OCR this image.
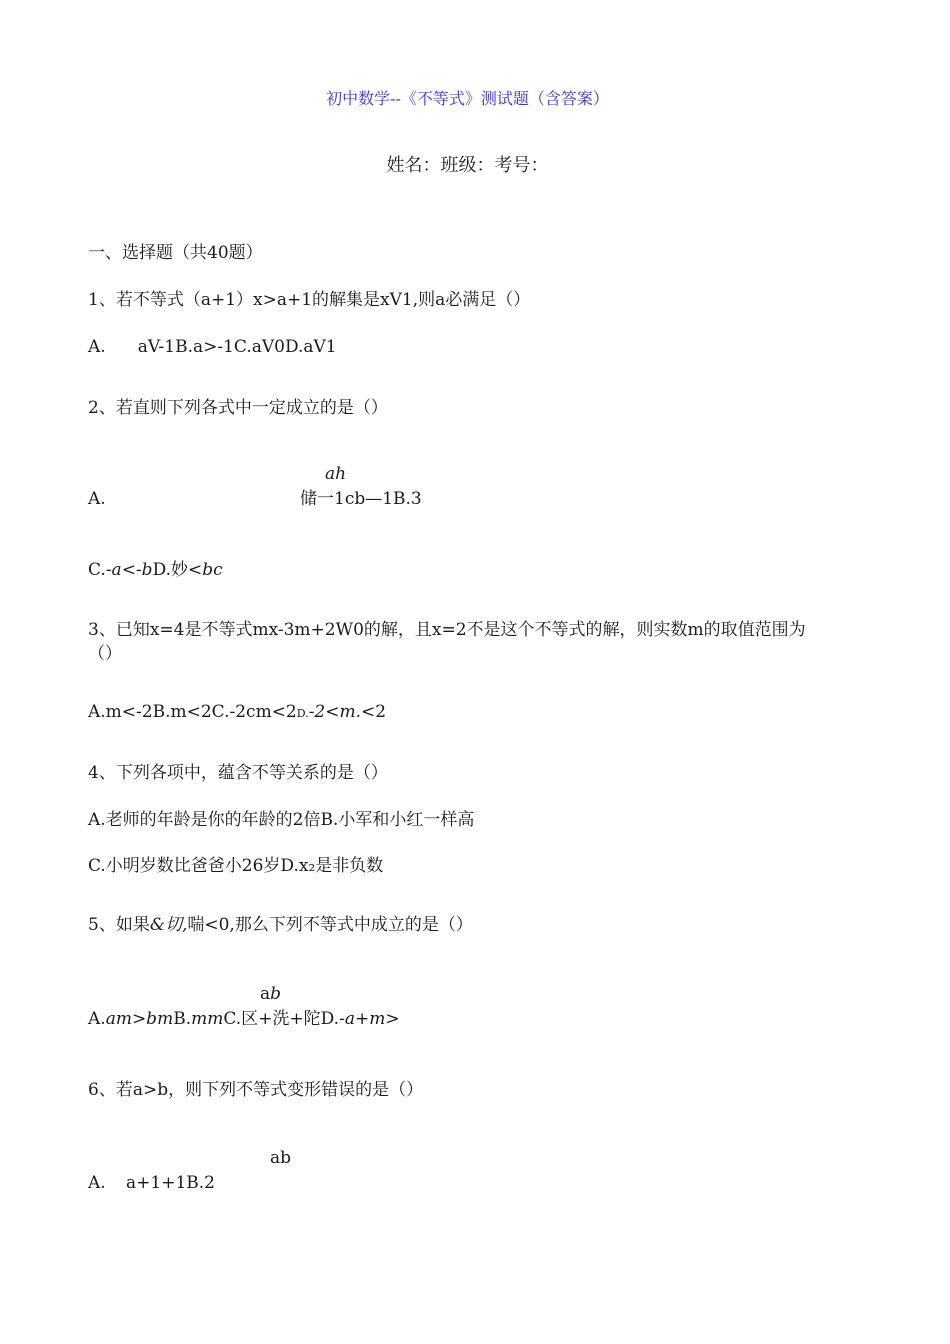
初中数学--《不等式》测试题（含答案）
姓名：班级：考号：
一、选择题（共40题）
1、若不等式（a+1）x>a+1的解集是xV1,则a必满足（）
A. aV-1B.a>-1C.aV0D.aV1
2、若直则下列各式中一定成立的是（）
ah
A.	储一1cb—1B.3
C.-a<-bD.妙<bc
3、已知x=4是不等式mx-3m+2W0的解，且x=2不是这个不等式的解，则实数m的取值范围为
（）
A.m<-2B.m<2C.-2cm<2D.-2<m.<2
4、下列各项中，蕴含不等关系的是（）
A.老师的年龄是你的年龄的2倍B.小军和小红一样高
C.小明岁数比爸爸小26岁D.x₂是非负数
5、如果&切,喘<0,那么下列不等式中成立的是（）
ab
A.am>bmB.mmC.区+洗+陀D.-a+m>
6、若a>b，则下列不等式变形错误的是（）
ab
A. a+1+1B.2
